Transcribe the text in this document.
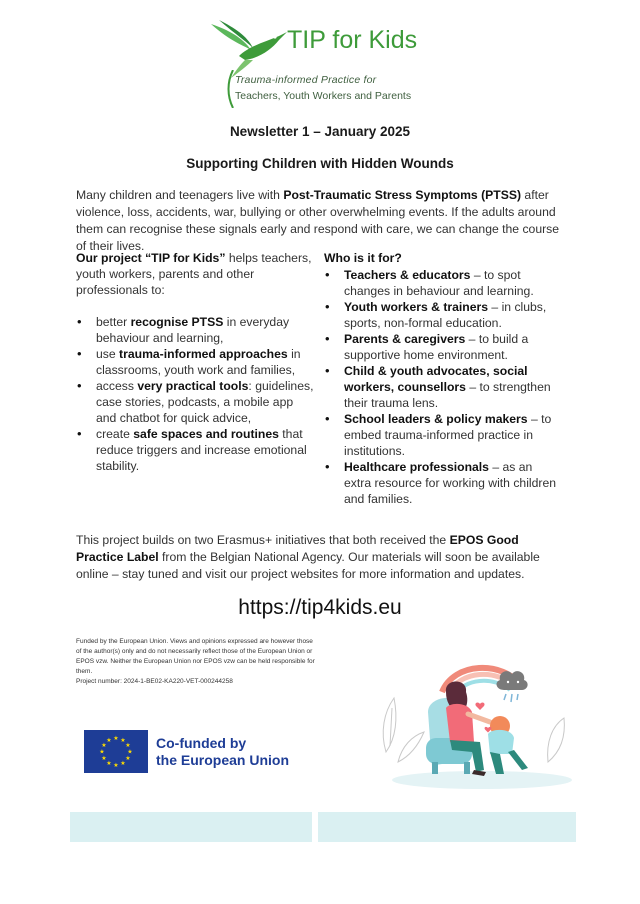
TIP for Kids
Trauma-informed Practice for
Teachers, Youth Workers and Parents
Newsletter 1 – January 2025
Supporting Children with Hidden Wounds
Many children and teenagers live with Post-Traumatic Stress Symptoms (PTSS) after violence, loss, accidents, war, bullying or other overwhelming events. If the adults around them can recognise these signals early and respond with care, we can change the course of their lives.
Our project “TIP for Kids” helps teachers, youth workers, parents and other professionals to:
• better recognise PTSS in everyday behaviour and learning,
• use trauma-informed approaches in classrooms, youth work and families,
• access very practical tools: guidelines, case stories, podcasts, a mobile app and chatbot for quick advice,
• create safe spaces and routines that reduce triggers and increase emotional stability.
Who is it for?
• Teachers & educators – to spot changes in behaviour and learning.
• Youth workers & trainers – in clubs, sports, non-formal education.
• Parents & caregivers – to build a supportive home environment.
• Child & youth advocates, social workers, counsellors – to strengthen their trauma lens.
• School leaders & policy makers – to embed trauma-informed practice in institutions.
• Healthcare professionals – as an extra resource for working with children and families.
This project builds on two Erasmus+ initiatives that both received the EPOS Good Practice Label from the Belgian National Agency. Our materials will soon be available online – stay tuned and visit our project websites for more information and updates.
https://tip4kids.eu
Funded by the European Union. Views and opinions expressed are however those of the author(s) only and do not necessarily reflect those of the European Union or EPOS vzw. Neither the European Union nor EPOS vzw can be held responsible for them.
Project number: 2024-1-BE02-KA220-VET-000244258
★ ★
★
★
★
★
★
★
★
★
★
★	Co-funded by
the European Union
